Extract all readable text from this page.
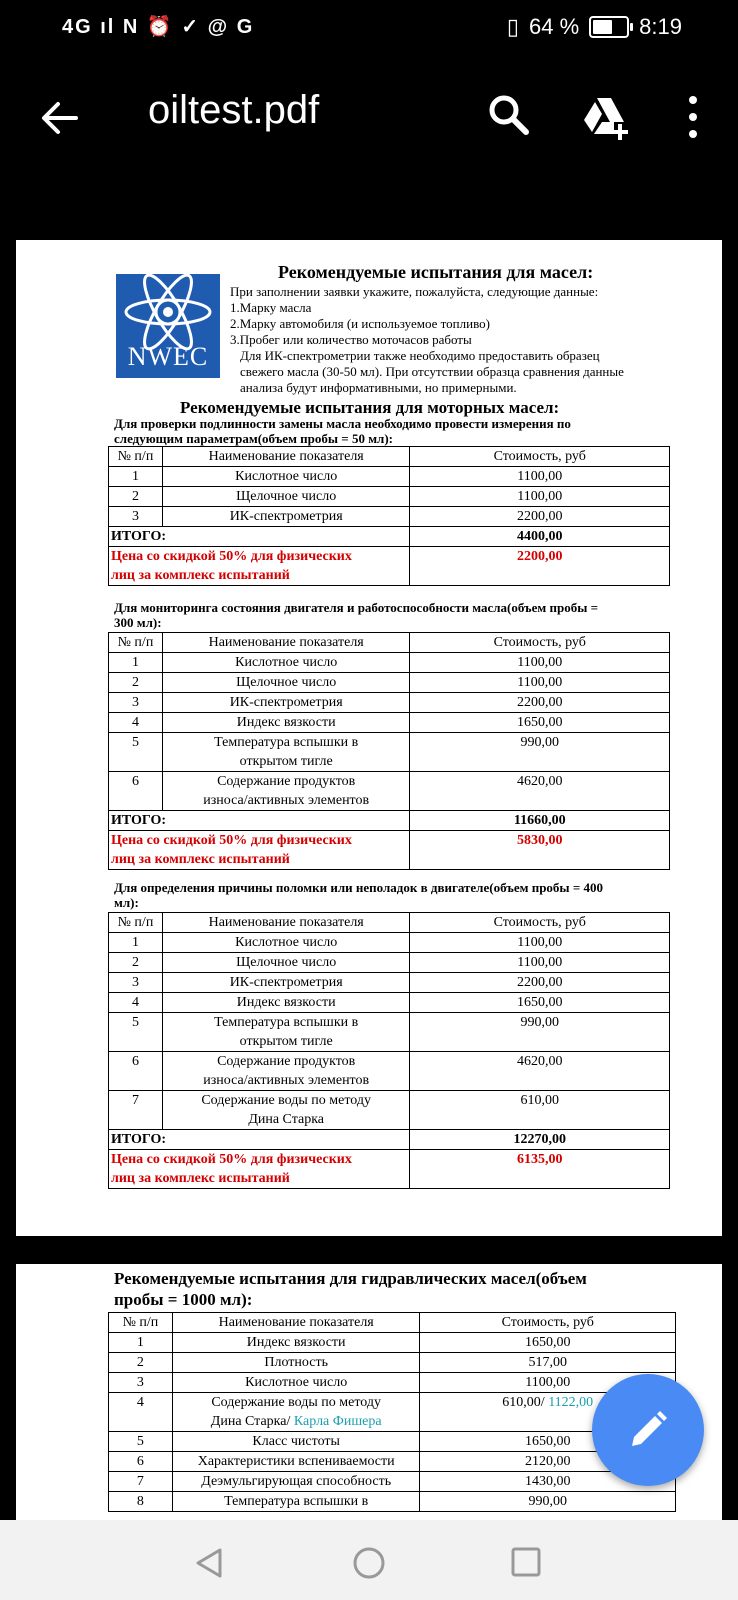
4G ıl N ⏰ ✓ @ G	▯ 64 %	8:19
oiltest.pdf
NWEC
Рекомендуемые испытания для масел:
При заполнении заявки укажите, пожалуйста, следующие данные:
1.Марку масла
2.Марку автомобиля (и используемое топливо)
3.Пробег или количество моточасов работы
Для ИК-спектрометрии также необходимо предоставить образец
свежего масла (30-50 мл). При отсутствии образца сравнения данные
анализа будут информативными, но примерными.
Рекомендуемые испытания для моторных масел:
Для проверки подлинности замены масла необходимо провести измерения по
следующим параметрам(объем пробы = 50 мл):
№ п/п	Наименование показателя	Стоимость, руб
1	Кислотное число	1100,00
2	Щелочное число	1100,00
3	ИК-спектрометрия	2200,00
ИТОГО:		4400,00

Цена со скидкой 50% для физических
лиц за комплекс испытаний		2200,00
Для мониторинга состояния двигателя и работоспособности масла(объем пробы =
300 мл):
№ п/п	Наименование показателя	Стоимость, руб
1	Кислотное число	1100,00
2	Щелочное число	1100,00
3	ИК-спектрометрия	2200,00
4	Индекс вязкости	1650,00
5	Температура вспышки в
открытом тигле	990,00
6	Содержание продуктов
износа/активных элементов	4620,00
ИТОГО:		11660,00

Цена со скидкой 50% для физических
лиц за комплекс испытаний		5830,00
Для определения причины поломки или неполадок в двигателе(объем пробы = 400
мл):
№ п/п	Наименование показателя	Стоимость, руб
1	Кислотное число	1100,00
2	Щелочное число	1100,00
3	ИК-спектрометрия	2200,00
4	Индекс вязкости	1650,00
5	Температура вспышки в
открытом тигле	990,00
6	Содержание продуктов
износа/активных элементов	4620,00
7	Содержание воды по методу
Дина Старка	610,00
ИТОГО:		12270,00

Цена со скидкой 50% для физических
лиц за комплекс испытаний		6135,00
Рекомендуемые испытания для гидравлических масел(объем
пробы = 1000 мл):
№ п/п	Наименование показателя	Стоимость, руб
1	Индекс вязкости	1650,00
2	Плотность	517,00
3	Кислотное число	1100,00
4	Содержание воды по методу
Дина Старка/ Карла Фишера	610,00/ 1122,00
5	Класс чистоты	1650,00
6	Характеристики вспениваемости	2120,00
7	Деэмульгирующая способность	1430,00
8	Температура вспышки в	990,00
